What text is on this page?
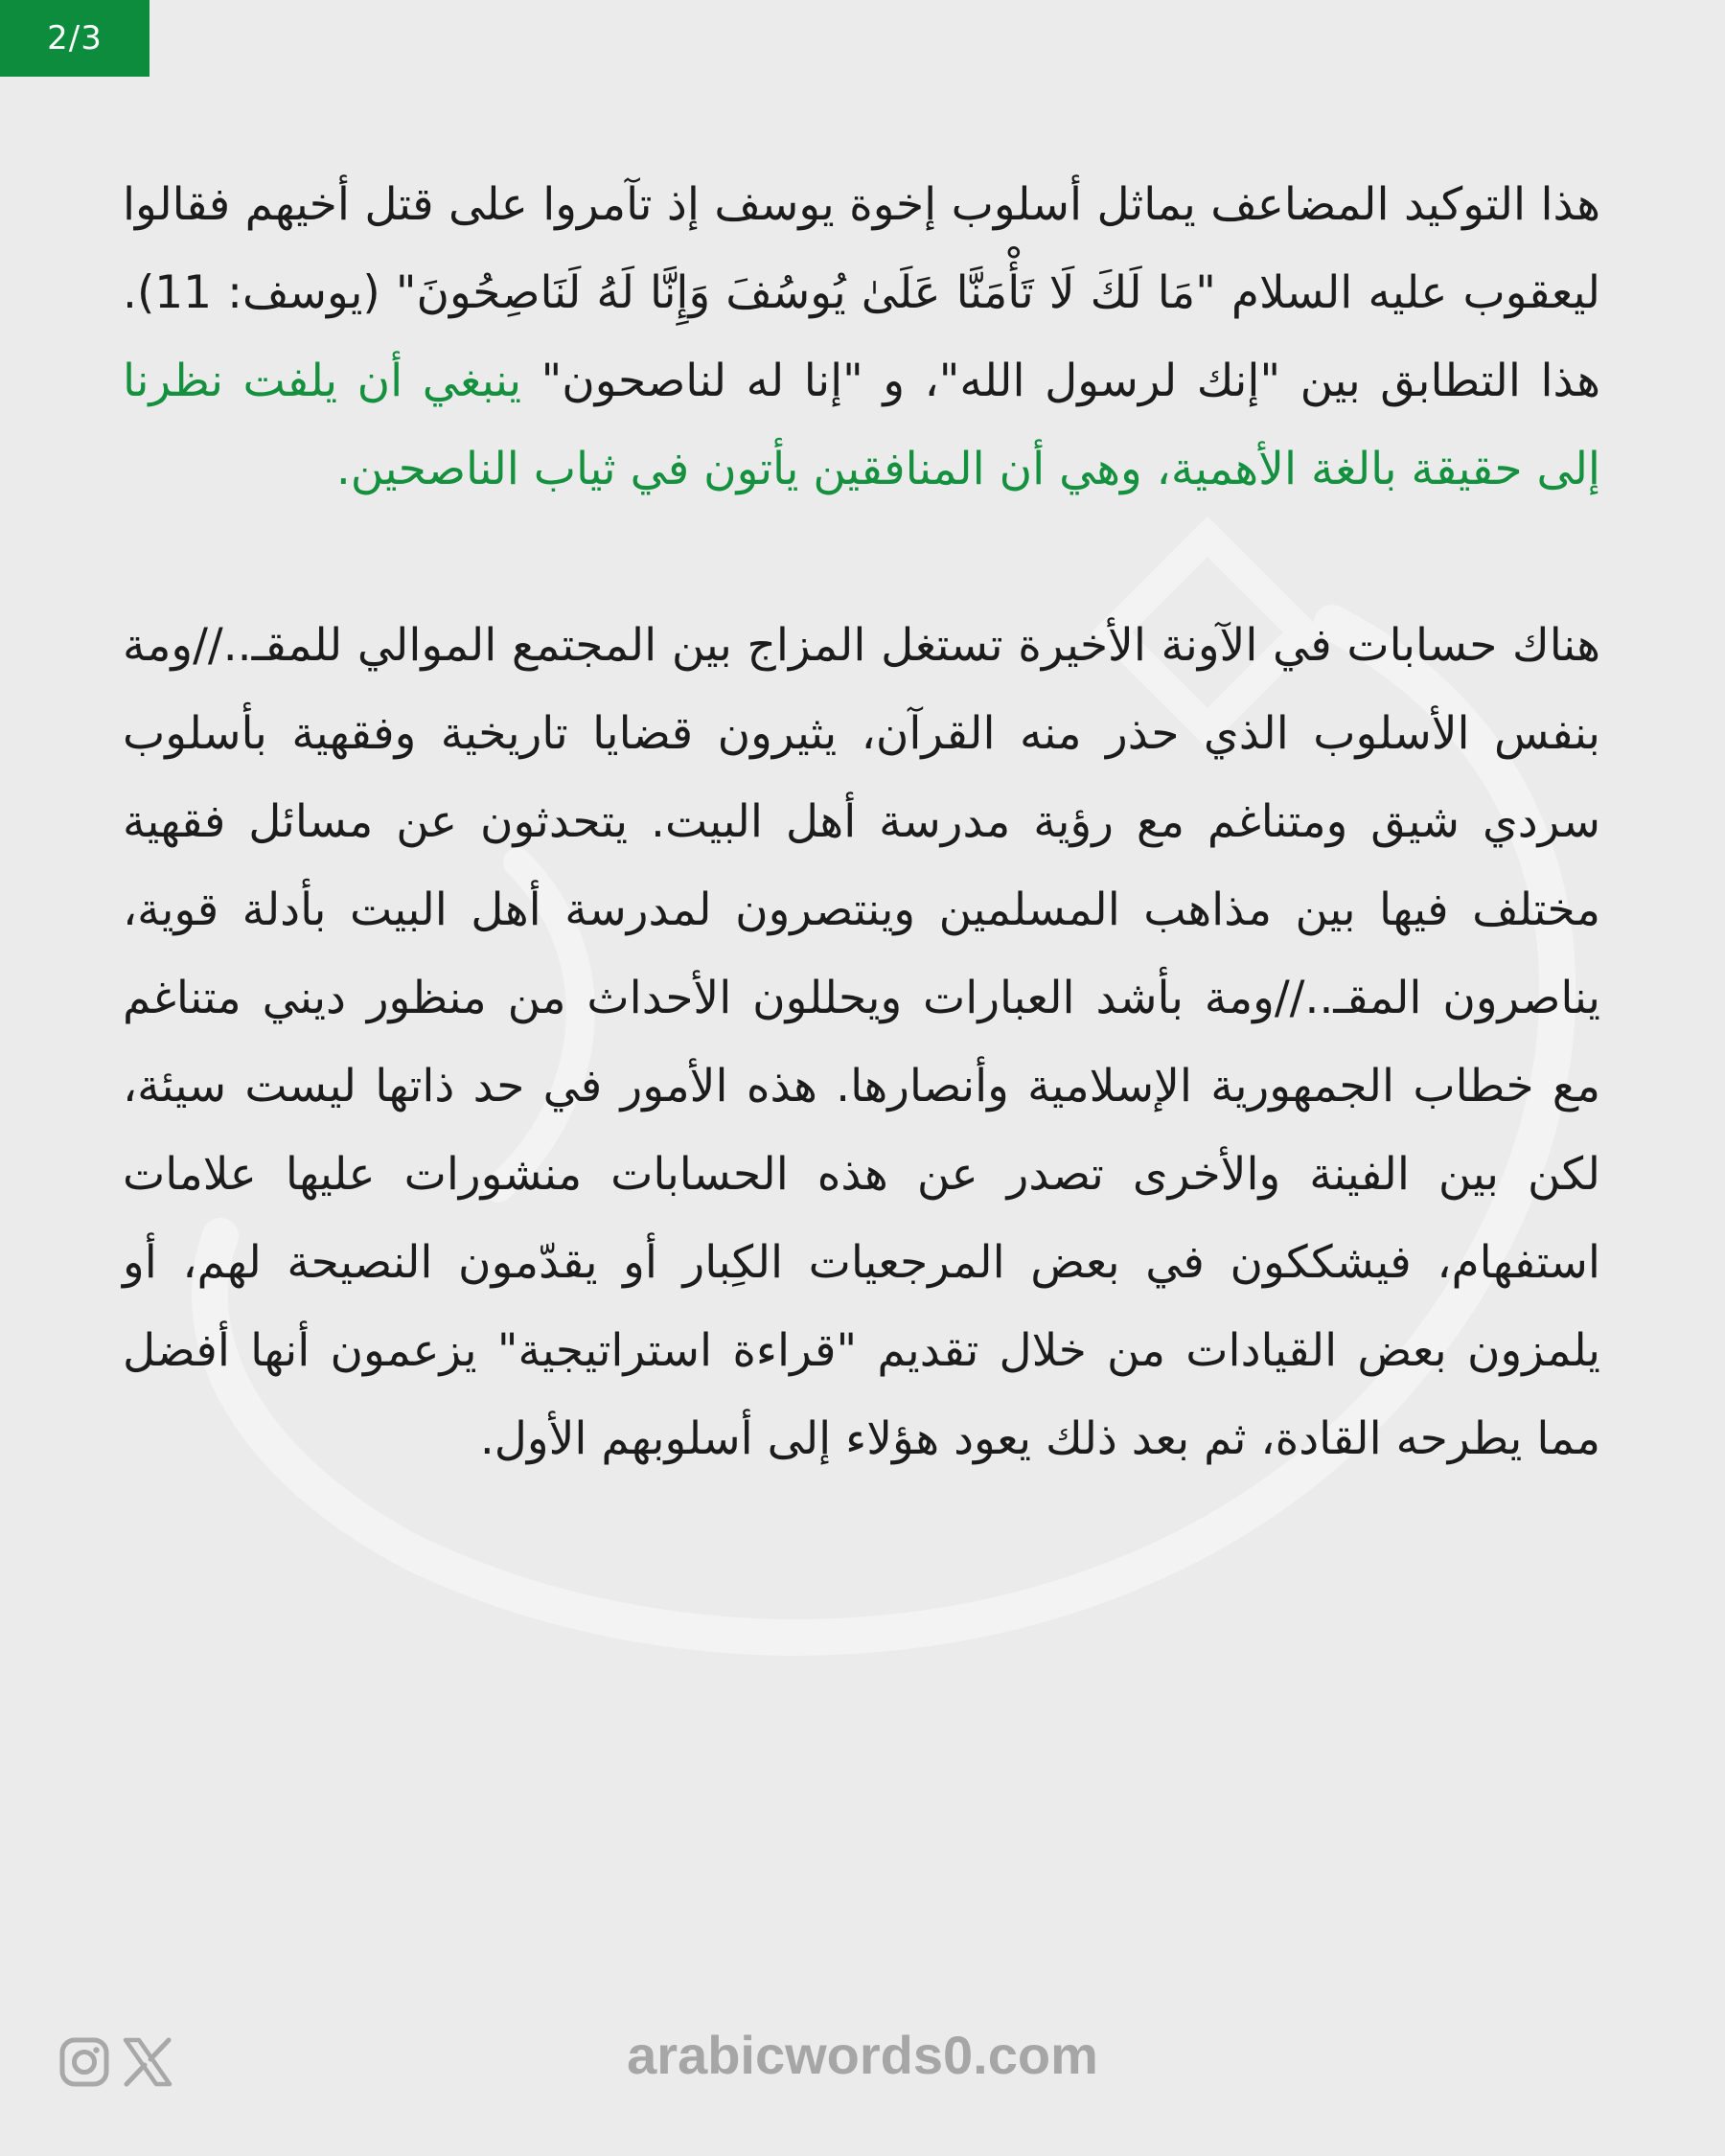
2/3

هذا التوكيد المضاعف يماثل أسلوب إخوة يوسف إذ تآمروا على قتل أخيهم فقالوا ليعقوب عليه السلام "مَا لَكَ لَا تَأْمَنَّا عَلَىٰ يُوسُفَ وَإِنَّا لَهُ لَنَاصِحُونَ" (يوسف: 11). هذا التطابق بين "إنك لرسول الله"، و "إنا له لناصحون" ينبغي أن يلفت نظرنا إلى حقيقة بالغة الأهمية، وهي أن المنافقين يأتون في ثياب الناصحين.

هناك حسابات في الآونة الأخيرة تستغل المزاج بين المجتمع الموالي للمقـ..//ومة بنفس الأسلوب الذي حذر منه القرآن، يثيرون قضايا تاريخية وفقهية بأسلوب سردي شيق ومتناغم مع رؤية مدرسة أهل البيت. يتحدثون عن مسائل فقهية مختلف فيها بين مذاهب المسلمين وينتصرون لمدرسة أهل البيت بأدلة قوية، يناصرون المقـ..//ومة بأشد العبارات ويحللون الأحداث من منظور ديني متناغم مع خطاب الجمهورية الإسلامية وأنصارها. هذه الأمور في حد ذاتها ليست سيئة، لكن بين الفينة والأخرى تصدر عن هذه الحسابات منشورات عليها علامات استفهام، فيشككون في بعض المرجعيات الكِبار أو يقدّمون النصيحة لهم، أو يلمزون بعض القيادات من خلال تقديم "قراءة استراتيجية" يزعمون أنها أفضل مما يطرحه القادة، ثم بعد ذلك يعود هؤلاء إلى أسلوبهم الأول.

arabicwords0.com
